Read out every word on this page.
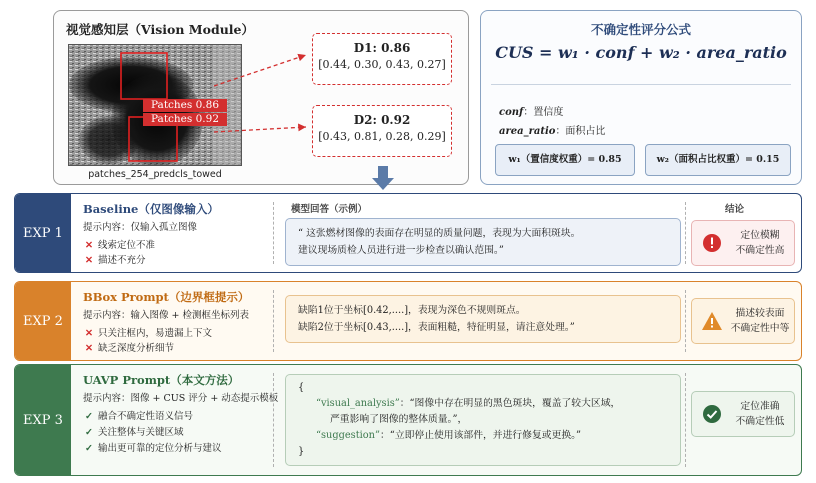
视觉感知层（Vision Module）
Patches 0.86
Patches 0.92
patches_254_predcls_towed
D1: 0.86
[0.44, 0.30, 0.43, 0.27]
D2: 0.92
[0.43, 0.81, 0.28, 0.29]
不确定性评分公式
CUS = w₁ · conf + w₂ · area_ratio
conf：置信度
area_ratio：面积占比
w₁（置信度权重）= 0.85	w₂（面积占比权重）= 0.15
EXP 1
Baseline（仅图像输入）
提示内容：仅输入孤立图像
✕ 线索定位不准
✕ 描述不充分
模型回答（示例）
“ 这张燃材图像的表面存在明显的质量问题，表现为大面积斑块。
建议现场质检人员进行进一步检查以确认范围。”
结论
定位模糊
不确定性高
EXP 2
BBox Prompt（边界框提示）
提示内容：输入图像 + 检测框坐标列表
✕ 只关注框内，易遗漏上下文
✕ 缺乏深度分析细节
缺陷1位于坐标[0.42,....]，表现为深色不规则斑点。
缺陷2位于坐标[0.43,....]，表面粗糙，特征明显，请注意处理。”
描述较表面
不确定性中等
EXP 3
UAVP Prompt（本文方法）
提示内容：图像 + CUS 评分 + 动态提示模板
✓ 融合不确定性语义信号
✓ 关注整体与关键区域
✓ 输出更可靠的定位分析与建议
{
“visual_analysis”：“图像中存在明显的黑色斑块，覆盖了较大区域，
严重影响了图像的整体质量。”，
“suggestion”：“立即停止使用该部件，并进行修复或更换。”
}
定位准确
不确定性低
